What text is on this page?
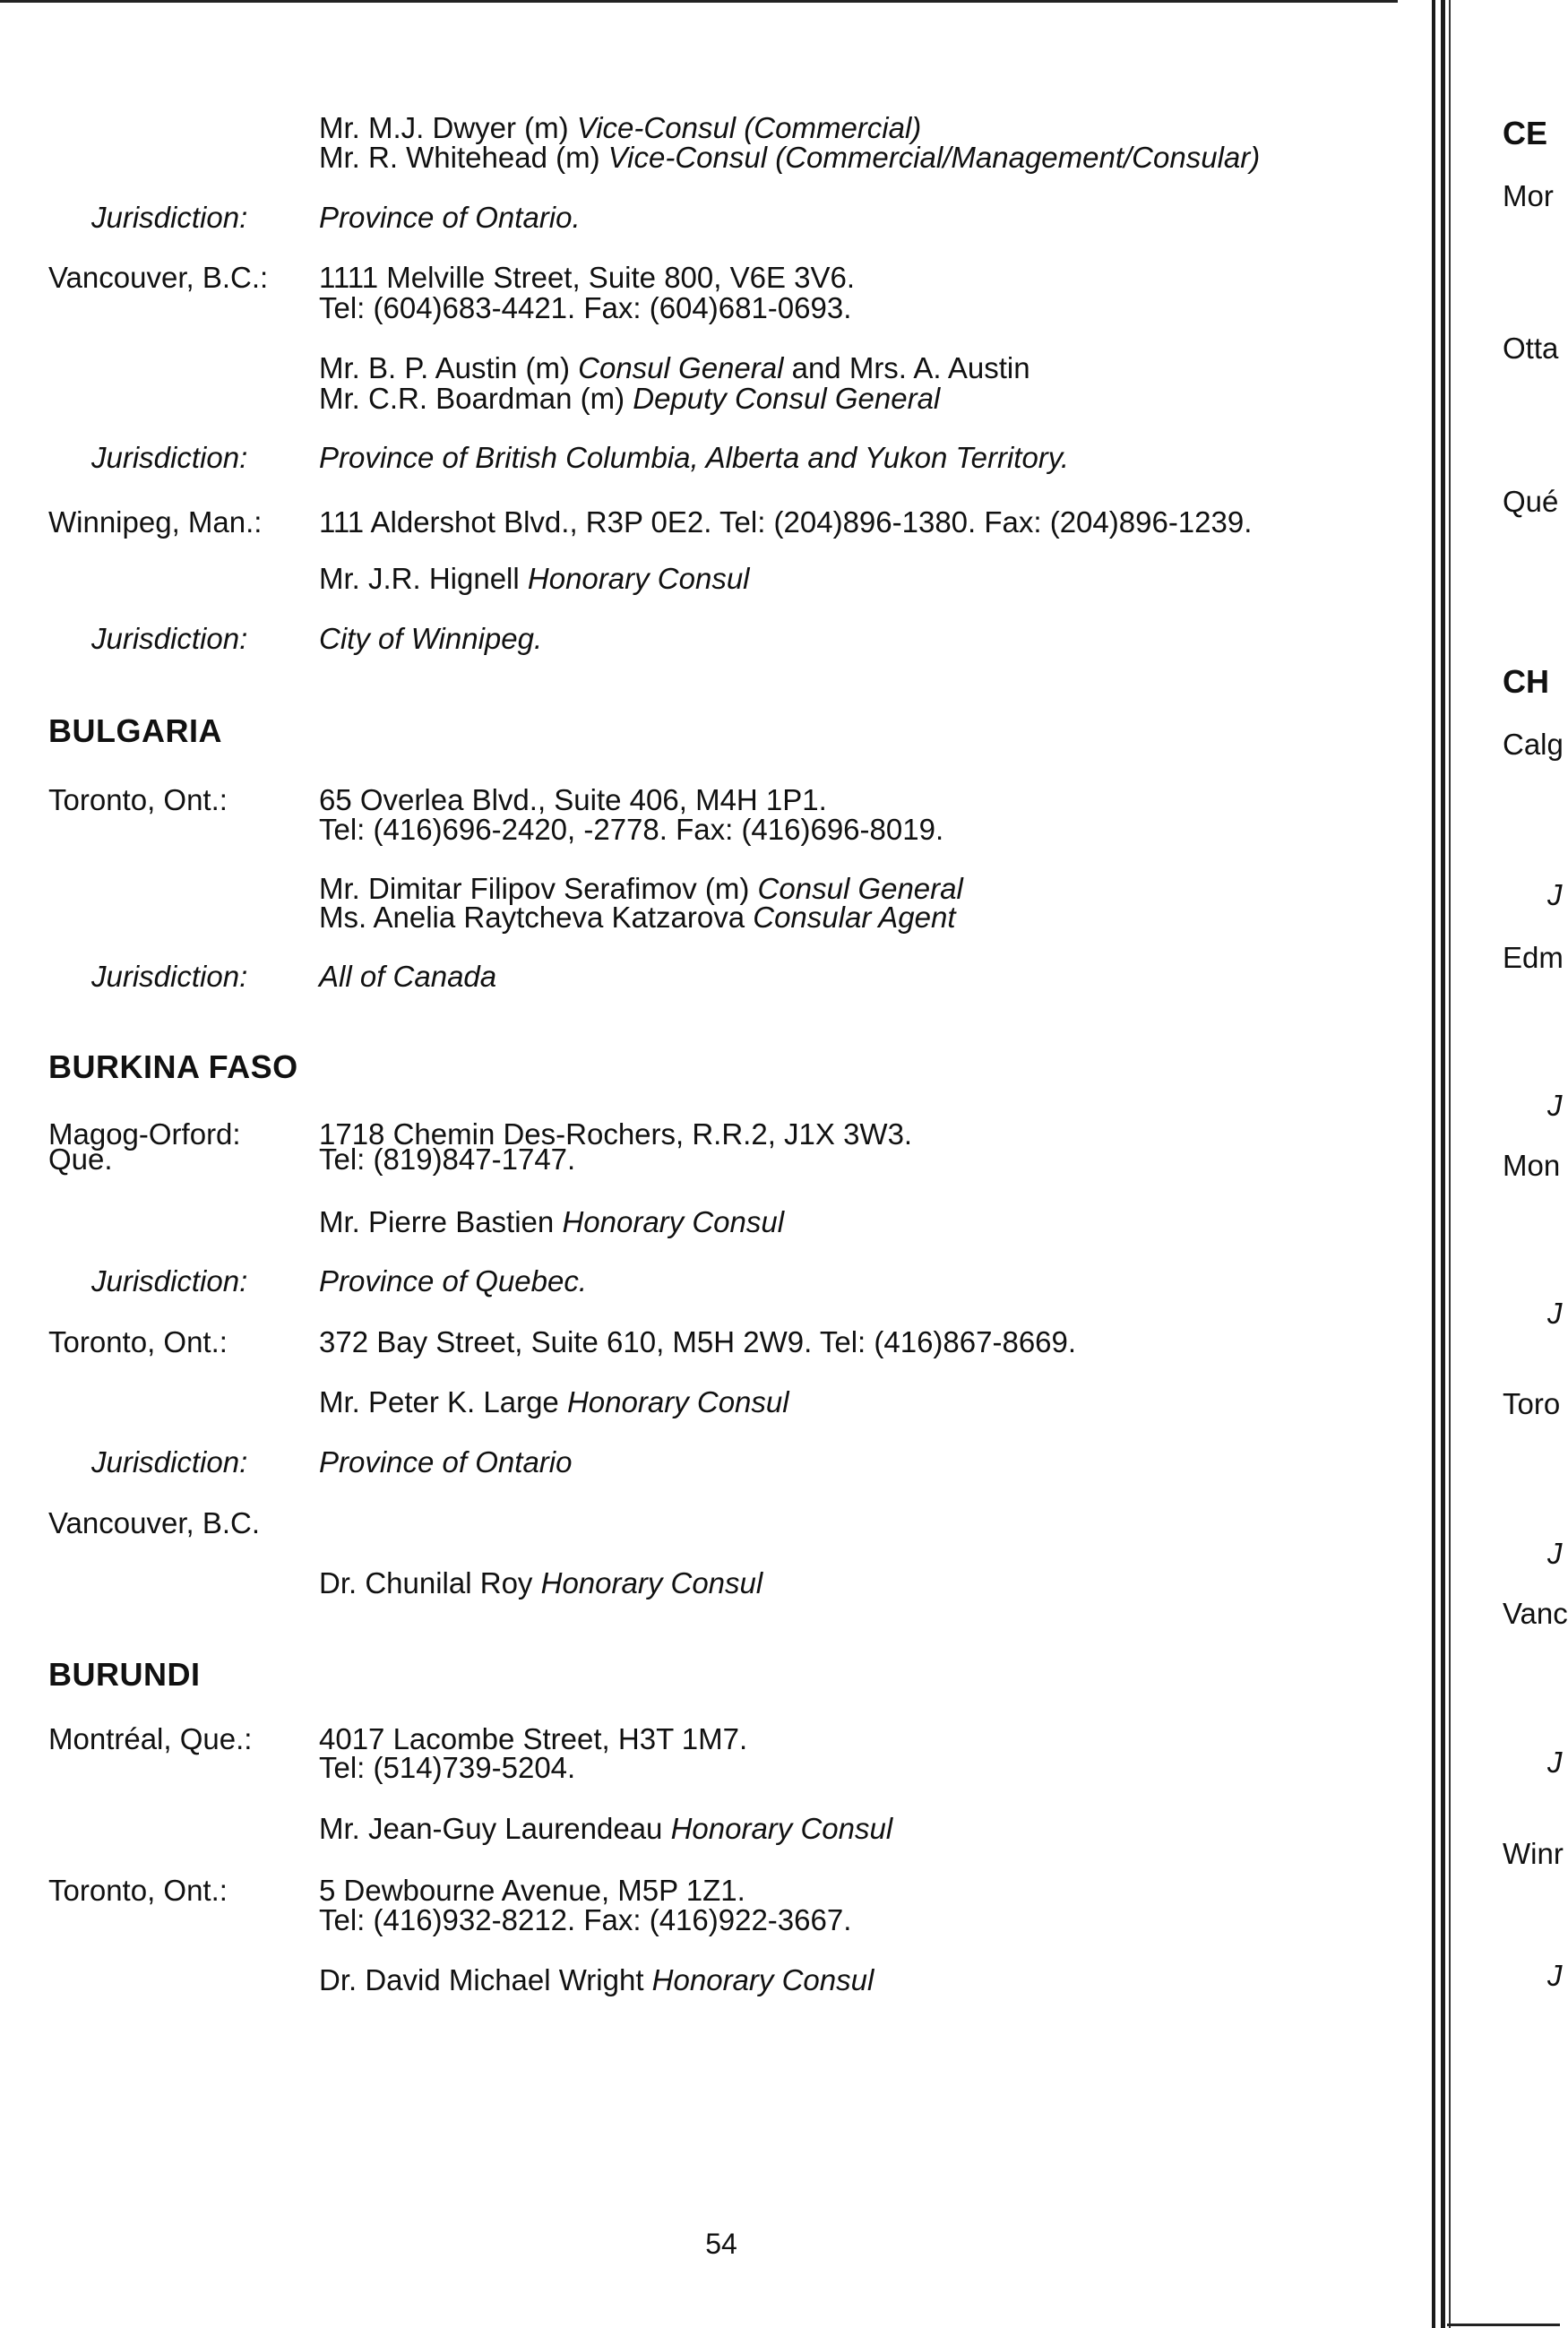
Mr. M.J. Dwyer (m) Vice-Consul (Commercial)
Mr. R. Whitehead (m) Vice-Consul (Commercial/Management/Consular)
Jurisdiction:	Province of Ontario.
Vancouver, B.C.:	1111 Melville Street, Suite 800, V6E 3V6.
Tel: (604)683-4421. Fax: (604)681-0693.
Mr. B. P. Austin (m) Consul General and Mrs. A. Austin
Mr. C.R. Boardman (m) Deputy Consul General
Jurisdiction:	Province of British Columbia, Alberta and Yukon Territory.
Winnipeg, Man.:	111 Aldershot Blvd., R3P 0E2. Tel: (204)896-1380. Fax: (204)896-1239.
Mr. J.R. Hignell Honorary Consul
Jurisdiction:	City of Winnipeg.
BULGARIA
Toronto, Ont.:	65 Overlea Blvd., Suite 406, M4H 1P1.
Tel: (416)696-2420, -2778. Fax: (416)696-8019.
Mr. Dimitar Filipov Serafimov (m) Consul General
Ms. Anelia Raytcheva Katzarova Consular Agent
Jurisdiction:	All of Canada
BURKINA FASO
Magog-Orford:	1718 Chemin Des-Rochers, R.R.2, J1X 3W3.
Que.	Tel: (819)847-1747.
Mr. Pierre Bastien Honorary Consul
Jurisdiction:	Province of Quebec.
Toronto, Ont.:	372 Bay Street, Suite 610, M5H 2W9. Tel: (416)867-8669.
Mr. Peter K. Large Honorary Consul
Jurisdiction:	Province of Ontario
Vancouver, B.C.
Dr. Chunilal Roy Honorary Consul
BURUNDI
Montréal, Que.:	4017 Lacombe Street, H3T 1M7.
Tel: (514)739-5204.
Mr. Jean-Guy Laurendeau Honorary Consul
Toronto, Ont.:	5 Dewbourne Avenue, M5P 1Z1.
Tel: (416)932-8212. Fax: (416)922-3667.
Dr. David Michael Wright Honorary Consul
54
CE
Mor
Otta
Qué
CH
Calg
J
Edm
J
Mon
J
Toro
J
Vanc
J
Winr
J
